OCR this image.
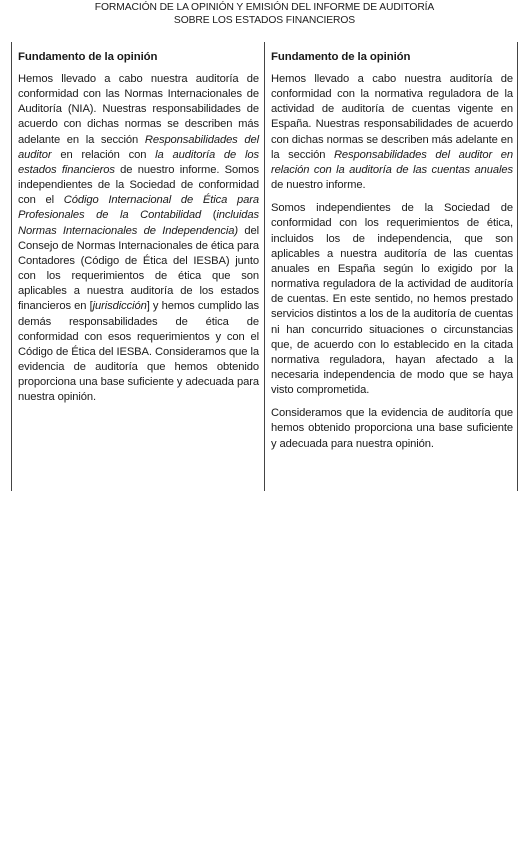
FORMACIÓN DE LA OPINIÓN Y EMISIÓN DEL INFORME DE AUDITORÍA
SOBRE LOS ESTADOS FINANCIEROS
Fundamento de la opinión

Hemos llevado a cabo nuestra auditoría de conformidad con las Normas Internacionales de Auditoría (NIA). Nuestras responsabilidades de acuerdo con dichas normas se describen más adelante en la sección Responsabilidades del auditor en relación con la auditoría de los estados financieros de nuestro informe. Somos independientes de la Sociedad de conformidad con el Código Internacional de Ética para Profesionales de la Contabilidad (incluidas Normas Internacionales de Independencia) del Consejo de Normas Internacionales de ética para Contadores (Código de Ética del IESBA) junto con los requerimientos de ética que son aplicables a nuestra auditoría de los estados financieros en [jurisdicción] y hemos cumplido las demás responsabilidades de ética de conformidad con esos requerimientos y con el Código de Ética del IESBA. Consideramos que la evidencia de auditoría que hemos obtenido proporciona una base suficiente y adecuada para nuestra opinión.

Fundamento de la opinión

Hemos llevado a cabo nuestra auditoría de conformidad con la normativa reguladora de la actividad de auditoría de cuentas vigente en España. Nuestras responsabilidades de acuerdo con dichas normas se describen más adelante en la sección Responsabilidades del auditor en relación con la auditoría de las cuentas anuales de nuestro informe.

Somos independientes de la Sociedad de conformidad con los requerimientos de ética, incluidos los de independencia, que son aplicables a nuestra auditoría de las cuentas anuales en España según lo exigido por la normativa reguladora de la actividad de auditoría de cuentas. En este sentido, no hemos prestado servicios distintos a los de la auditoría de cuentas ni han concurrido situaciones o circunstancias que, de acuerdo con lo establecido en la citada normativa reguladora, hayan afectado a la necesaria independencia de modo que se haya visto comprometida.

Consideramos que la evidencia de auditoría que hemos obtenido proporciona una base suficiente y adecuada para nuestra opinión.
